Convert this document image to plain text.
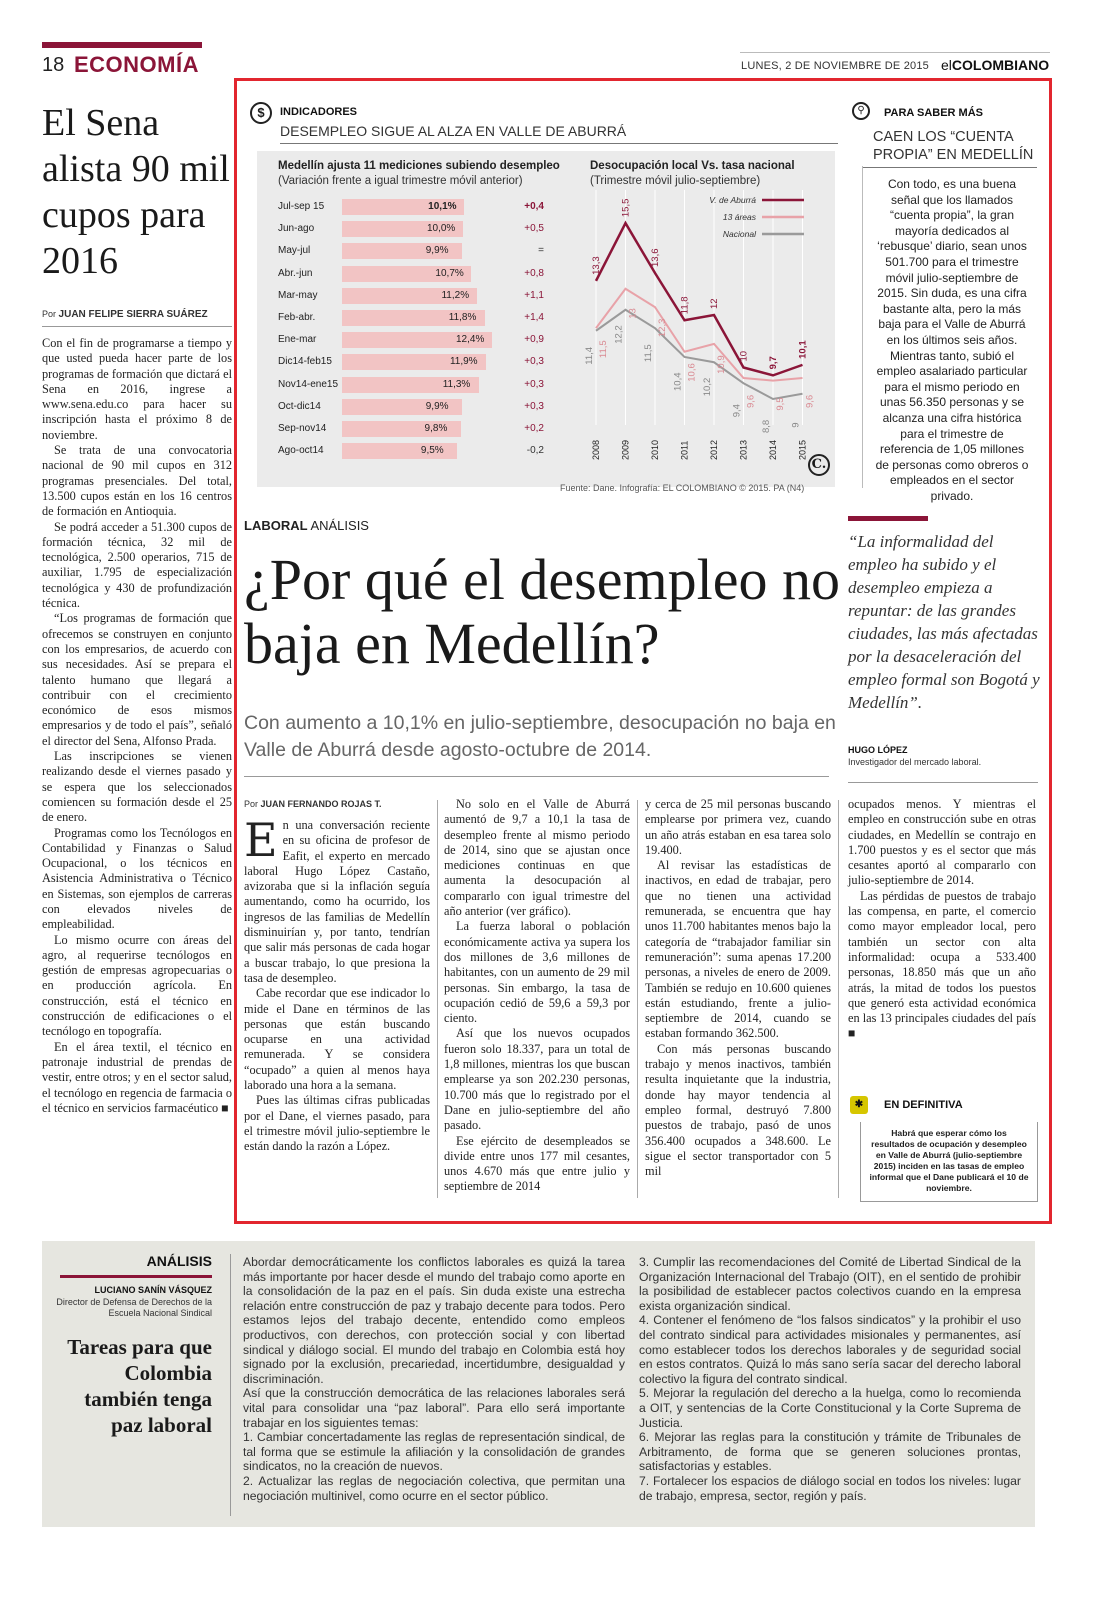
18 ECONOMÍA	LUNES, 2 DE NOVIEMBRE DE 2015 elCOLOMBIANO
El Sena alista 90 mil cupos para 2016
Por JUAN FELIPE SIERRA SUÁREZ

Con el fin de programarse a tiempo y que usted pueda hacer parte de los programas de formación que dictará el Sena en 2016, ingrese a www.sena.edu.co para hacer su inscripción hasta el próximo 8 de noviembre.

Se trata de una convocatoria nacional de 90 mil cupos en 312 programas presenciales. Del total, 13.500 cupos están en los 16 centros de formación en Antioquia.

Se podrá acceder a 51.300 cupos de formación técnica, 32 mil de tecnológica, 2.500 operarios, 715 de auxiliar, 1.795 de especialización tecnológica y 430 de profundización técnica.

“Los programas de formación que ofrecemos se construyen en conjunto con los empresarios, de acuerdo con sus necesidades. Así se prepara el talento humano que llegará a contribuir con el crecimiento económico de esos mismos empresarios y de todo el país”, señaló el director del Sena, Alfonso Prada.

Las inscripciones se vienen realizando desde el viernes pasado y se espera que los seleccionados comiencen su formación desde el 25 de enero.

Programas como los Tecnólogos en Contabilidad y Finanzas o Salud Ocupacional, o los técnicos en Asistencia Administrativa o Técnico en Sistemas, son ejemplos de carreras con elevados niveles de empleabilidad.

Lo mismo ocurre con áreas del agro, al requerirse tecnólogos en gestión de empresas agropecuarias o en producción agrícola. En construcción, está el técnico en construcción de edificaciones o el tecnólogo en topografía.

En el área textil, el técnico en patronaje industrial de prendas de vestir, entre otros; y en el sector salud, el tecnólogo en regencia de farmacia o el técnico en servicios farmacéutico ■

$	INDICADORES
DESEMPLEO SIGUE AL ALZA EN VALLE DE ABURRÁ
Medellín ajusta 11 mediciones subiendo desempleo
(Variación frente a igual trimestre móvil anterior)
Jul-sep 15	10,1%	+0,4
Jun-ago	10,0%	+0,5
May-jul	9,9%	=
Abr.-jun	10,7%	+0,8
Mar-may	11,2%	+1,1
Feb-abr.	11,8%	+1,4
Ene-mar	12,4%	+0,9
Dic14-feb15	11,9%	+0,3
Nov14-ene15	11,3%	+0,3
Oct-dic14	9,9%	+0,3
Sep-nov14	9,8%	+0,2
Ago-oct14	9,5%	-0,2
Desocupación local Vs. tasa nacional
(Trimestre móvil julio-septiembre)
2008 2009 2010 2011 2012 2013 2014 2015
13,3
15,5
13,6
11,8 12
10 9,7
10,1
11,5
13
12,3
10,6 10,9
9,6 9,5 9,6
11,4
12,2
11,5
10,4 10,2
9,4
8,8 9
V. de Aburrá
13 áreas
Nacional
Fuente: Dane. Infografía: EL COLOMBIANO © 2015. PA (N4)
C.
⚲	PARA SABER MÁS
CAEN LOS “CUENTA PROPIA” EN MEDELLÍN
Con todo, es una buena señal que los llamados “cuenta propia”, la gran mayoría dedicados al ‘rebusque’ diario, sean unos 501.700 para el trimestre móvil julio-septiembre de 2015. Sin duda, es una cifra bastante alta, pero la más baja para el Valle de Aburrá en los últimos seis años. Mientras tanto, subió el empleo asalariado particular para el mismo periodo en unas 56.350 personas y se alcanza una cifra histórica para el trimestre de referencia de 1,05 millones de personas como obreros o empleados en el sector privado.
LABORAL ANÁLISIS
¿Por qué el desempleo no baja en Medellín?
Con aumento a 10,1% en julio-septiembre, desocupación no baja en Valle de Aburrá desde agosto-octubre de 2014.
“La informalidad del empleo ha subido y el desempleo empieza a repuntar: de las grandes ciudades, las más afectadas por la desaceleración del empleo formal son Bogotá y Medellín”.
HUGO LÓPEZ
Investigador del mercado laboral.
Por JUAN FERNANDO ROJAS T.

En una conversación reciente en su oficina de profesor de Eafit, el experto en mercado laboral Hugo López Castaño, avizoraba que si la inflación seguía aumentando, como ha ocurrido, los ingresos de las familias de Medellín disminuirían y, por tanto, tendrían que salir más personas de cada hogar a buscar trabajo, lo que presiona la tasa de desempleo.

Cabe recordar que ese indicador lo mide el Dane en términos de las personas que están buscando ocuparse en una actividad remunerada. Y se considera “ocupado” a quien al menos haya laborado una hora a la semana.

Pues las últimas cifras publicadas por el Dane, el viernes pasado, para el trimestre móvil julio-septiembre le están dando la razón a López.

No solo en el Valle de Aburrá aumentó de 9,7 a 10,1 la tasa de desempleo frente al mismo periodo de 2014, sino que se ajustan once mediciones continuas en que aumenta la desocupación al compararlo con igual trimestre del año anterior (ver gráfico).

La fuerza laboral o población económicamente activa ya supera los dos millones de 3,6 millones de habitantes, con un aumento de 29 mil personas. Sin embargo, la tasa de ocupación cedió de 59,6 a 59,3 por ciento.

Así que los nuevos ocupados fueron solo 18.337, para un total de 1,8 millones, mientras los que buscan emplearse ya son 202.230 personas, 10.700 más que lo registrado por el Dane en julio-septiembre del año pasado.

Ese ejército de desempleados se divide entre unos 177 mil cesantes, unos 4.670 más que entre julio y septiembre de 2014

y cerca de 25 mil personas buscando emplearse por primera vez, cuando un año atrás estaban en esa tarea solo 19.400.

Al revisar las estadísticas de inactivos, en edad de trabajar, pero que no tienen una actividad remunerada, se encuentra que hay unos 11.700 habitantes menos bajo la categoría de “trabajador familiar sin remuneración”: suma apenas 17.200 personas, a niveles de enero de 2009. También se redujo en 10.600 quienes están estudiando, frente a julio-septiembre de 2014, cuando se estaban formando 362.500.

Con más personas buscando trabajo y menos inactivos, también resulta inquietante que la industria, donde hay mayor tendencia al empleo formal, destruyó 7.800 puestos de trabajo, pasó de unos 356.400 ocupados a 348.600. Le sigue el sector transportador con 5 mil

ocupados menos. Y mientras el empleo en construcción sube en otras ciudades, en Medellín se contrajo en 1.700 puestos y es el sector que más cesantes aportó al compararlo con julio-septiembre de 2014.

Las pérdidas de puestos de trabajo las compensa, en parte, el comercio como mayor empleador local, pero también un sector con alta informalidad: ocupa a 533.400 personas, 18.850 más que un año atrás, la mitad de todos los puestos que generó esta actividad económica en las 13 principales ciudades del país ■

✱	EN DEFINITIVA
Habrá que esperar cómo los resultados de ocupación y desempleo en Valle de Aburrá (julio-septiembre 2015) inciden en las tasas de empleo informal que el Dane publicará el 10 de noviembre.
ANÁLISIS
LUCIANO SANÍN VÁSQUEZ
Director de Defensa de Derechos de la Escuela Nacional Sindical
Tareas para que Colombia también tenga paz laboral

Abordar democráticamente los conflictos laborales es quizá la tarea más importante por hacer desde el mundo del trabajo como aporte en la consolidación de la paz en el país. Sin duda existe una estrecha relación entre construcción de paz y trabajo decente para todos. Pero estamos lejos del trabajo decente, entendido como empleos productivos, con derechos, con protección social y con libertad sindical y diálogo social. El mundo del trabajo en Colombia está hoy signado por la exclusión, precariedad, incertidumbre, desigualdad y discriminación.

Así que la construcción democrática de las relaciones laborales será vital para consolidar una “paz laboral”. Para ello será importante trabajar en los siguientes temas:

1. Cambiar concertadamente las reglas de representación sindical, de tal forma que se estimule la afiliación y la consolidación de grandes sindicatos, no la creación de nuevos.

2. Actualizar las reglas de negociación colectiva, que permitan una negociación multinivel, como ocurre en el sector público.

3. Cumplir las recomendaciones del Comité de Libertad Sindical de la Organización Internacional del Trabajo (OIT), en el sentido de prohibir la posibilidad de establecer pactos colectivos cuando en la empresa exista organización sindical.

4. Contener el fenómeno de “los falsos sindicatos” y la prohibir el uso del contrato sindical para actividades misionales y permanentes, así como establecer todos los derechos laborales y de seguridad social en estos contratos. Quizá lo más sano sería sacar del derecho laboral colectivo la figura del contrato sindical.

5. Mejorar la regulación del derecho a la huelga, como lo recomienda a OIT, y sentencias de la Corte Constitucional y la Corte Suprema de Justicia.

6. Mejorar las reglas para la constitución y trámite de Tribunales de Arbitramento, de forma que se generen soluciones prontas, satisfactorias y estables.

7. Fortalecer los espacios de diálogo social en todos los niveles: lugar de trabajo, empresa, sector, región y país.
